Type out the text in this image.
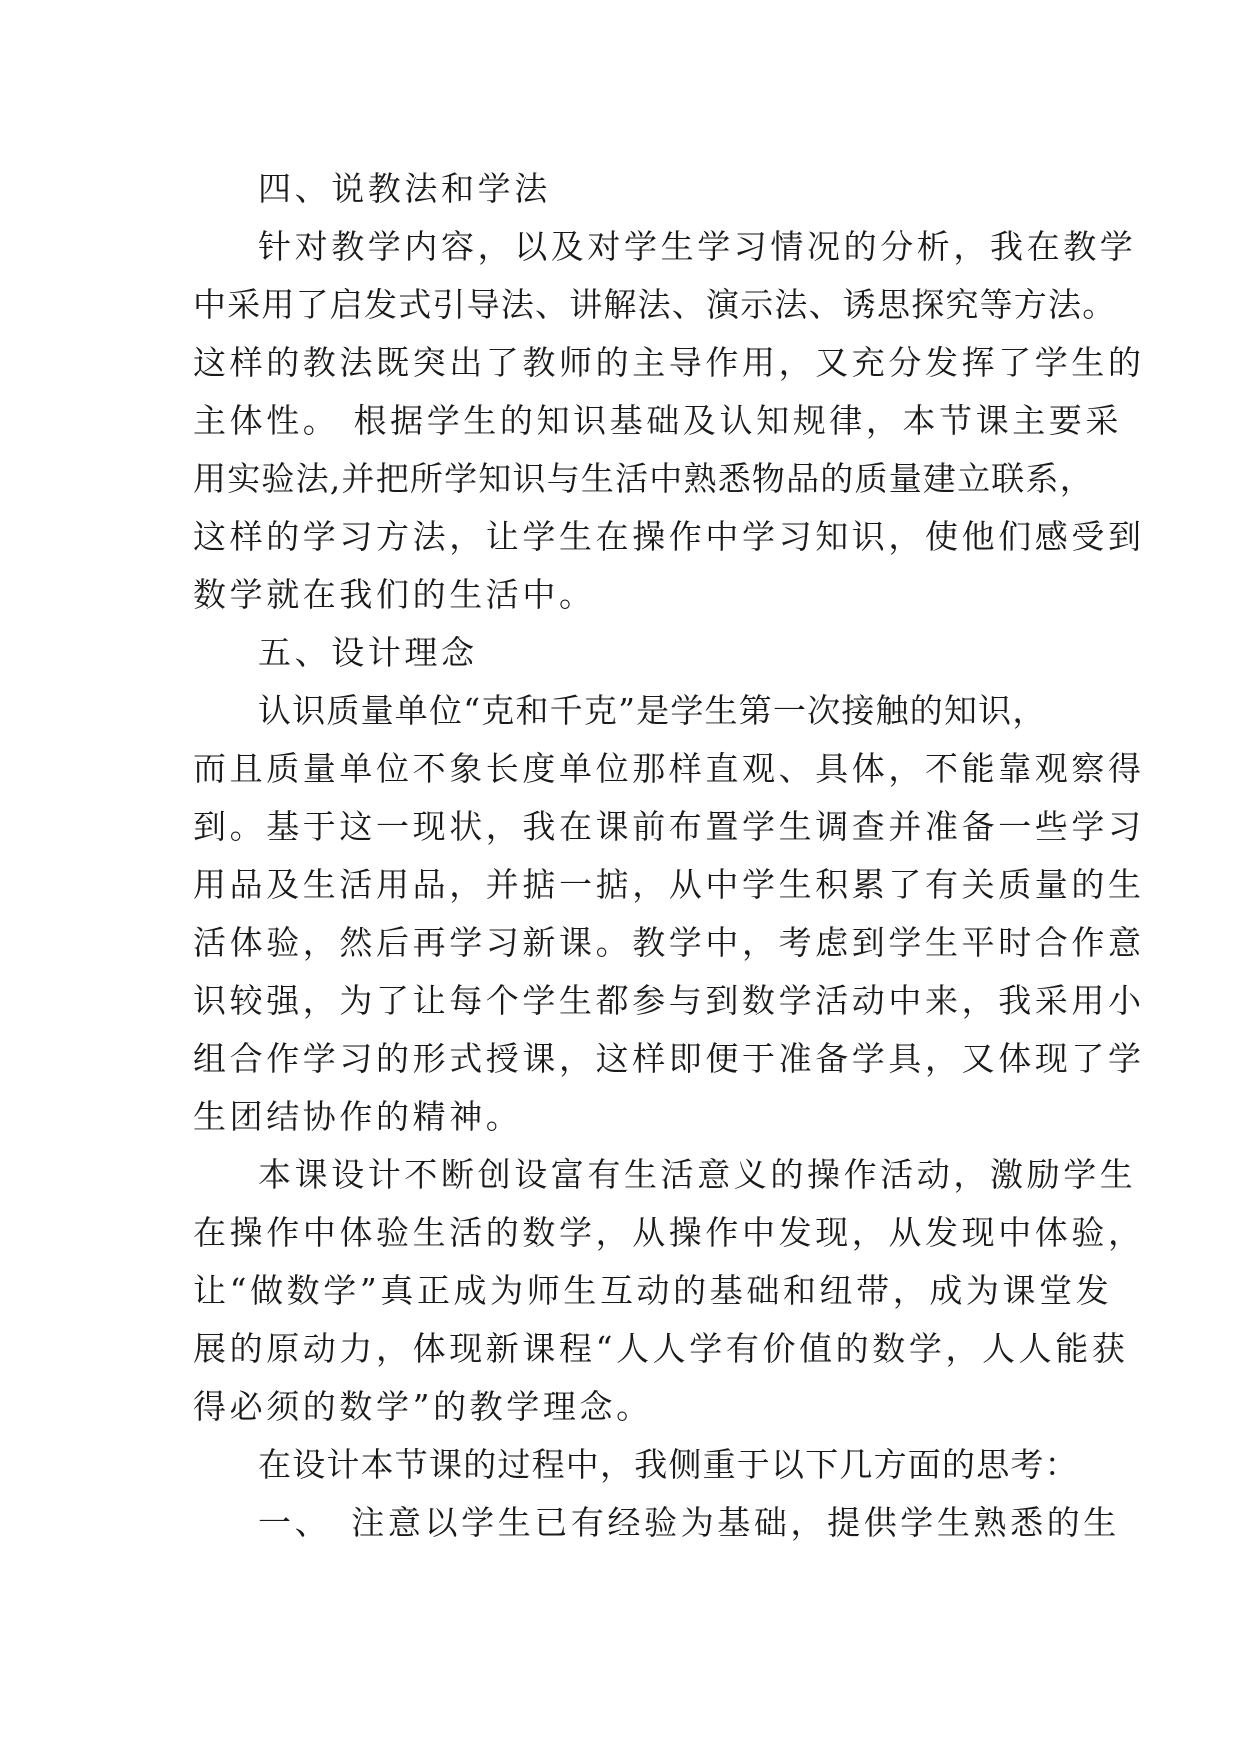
四、说教法和学法
针对教学内容，以及对学生学习情况的分析，我在教学
中采用了启发式引导法、讲解法、演示法、诱思探究等方法。
这样的教法既突出了教师的主导作用，又充分发挥了学生的
主体性。 根据学生的知识基础及认知规律，本节课主要采
用实验法,并把所学知识与生活中熟悉物品的质量建立联系，
这样的学习方法，让学生在操作中学习知识，使他们感受到
数学就在我们的生活中。
五、设计理念
认识质量单位“克和千克”是学生第一次接触的知识，
而且质量单位不象长度单位那样直观、具体，不能靠观察得
到。基于这一现状，我在课前布置学生调查并准备一些学习
用品及生活用品，并掂一掂，从中学生积累了有关质量的生
活体验，然后再学习新课。教学中，考虑到学生平时合作意
识较强，为了让每个学生都参与到数学活动中来，我采用小
组合作学习的形式授课，这样即便于准备学具，又体现了学
生团结协作的精神。
本课设计不断创设富有生活意义的操作活动，激励学生
在操作中体验生活的数学，从操作中发现，从发现中体验，
让“做数学”真正成为师生互动的基础和纽带，成为课堂发
展的原动力，体现新课程“人人学有价值的数学，人人能获
得必须的数学”的教学理念。
在设计本节课的过程中，我侧重于以下几方面的思考：
一、　注意以学生已有经验为基础，提供学生熟悉的生
